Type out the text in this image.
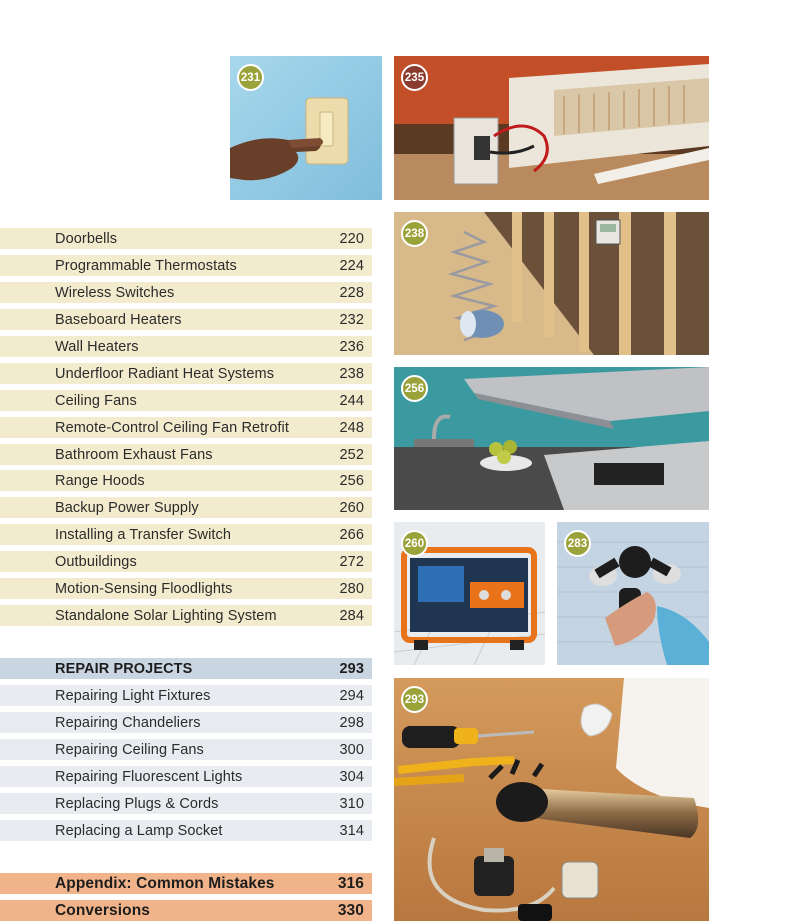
Doorbells	220
Programmable Thermostats	224
Wireless Switches	228
Baseboard Heaters	232
Wall Heaters	236
Underfloor Radiant Heat Systems	238
Ceiling Fans	244
Remote-Control Ceiling Fan Retrofit	248
Bathroom Exhaust Fans	252
Range Hoods	256
Backup Power Supply	260
Installing a Transfer Switch	266
Outbuildings	272
Motion-Sensing Floodlights	280
Standalone Solar Lighting System	284
REPAIR PROJECTS	293
Repairing Light Fixtures	294
Repairing Chandeliers	298
Repairing Ceiling Fans	300
Repairing Fluorescent Lights	304
Replacing Plugs & Cords	310
Replacing a Lamp Socket	314
Appendix: Common Mistakes	316
Conversions	330
231	235
238
256
260	283
293
